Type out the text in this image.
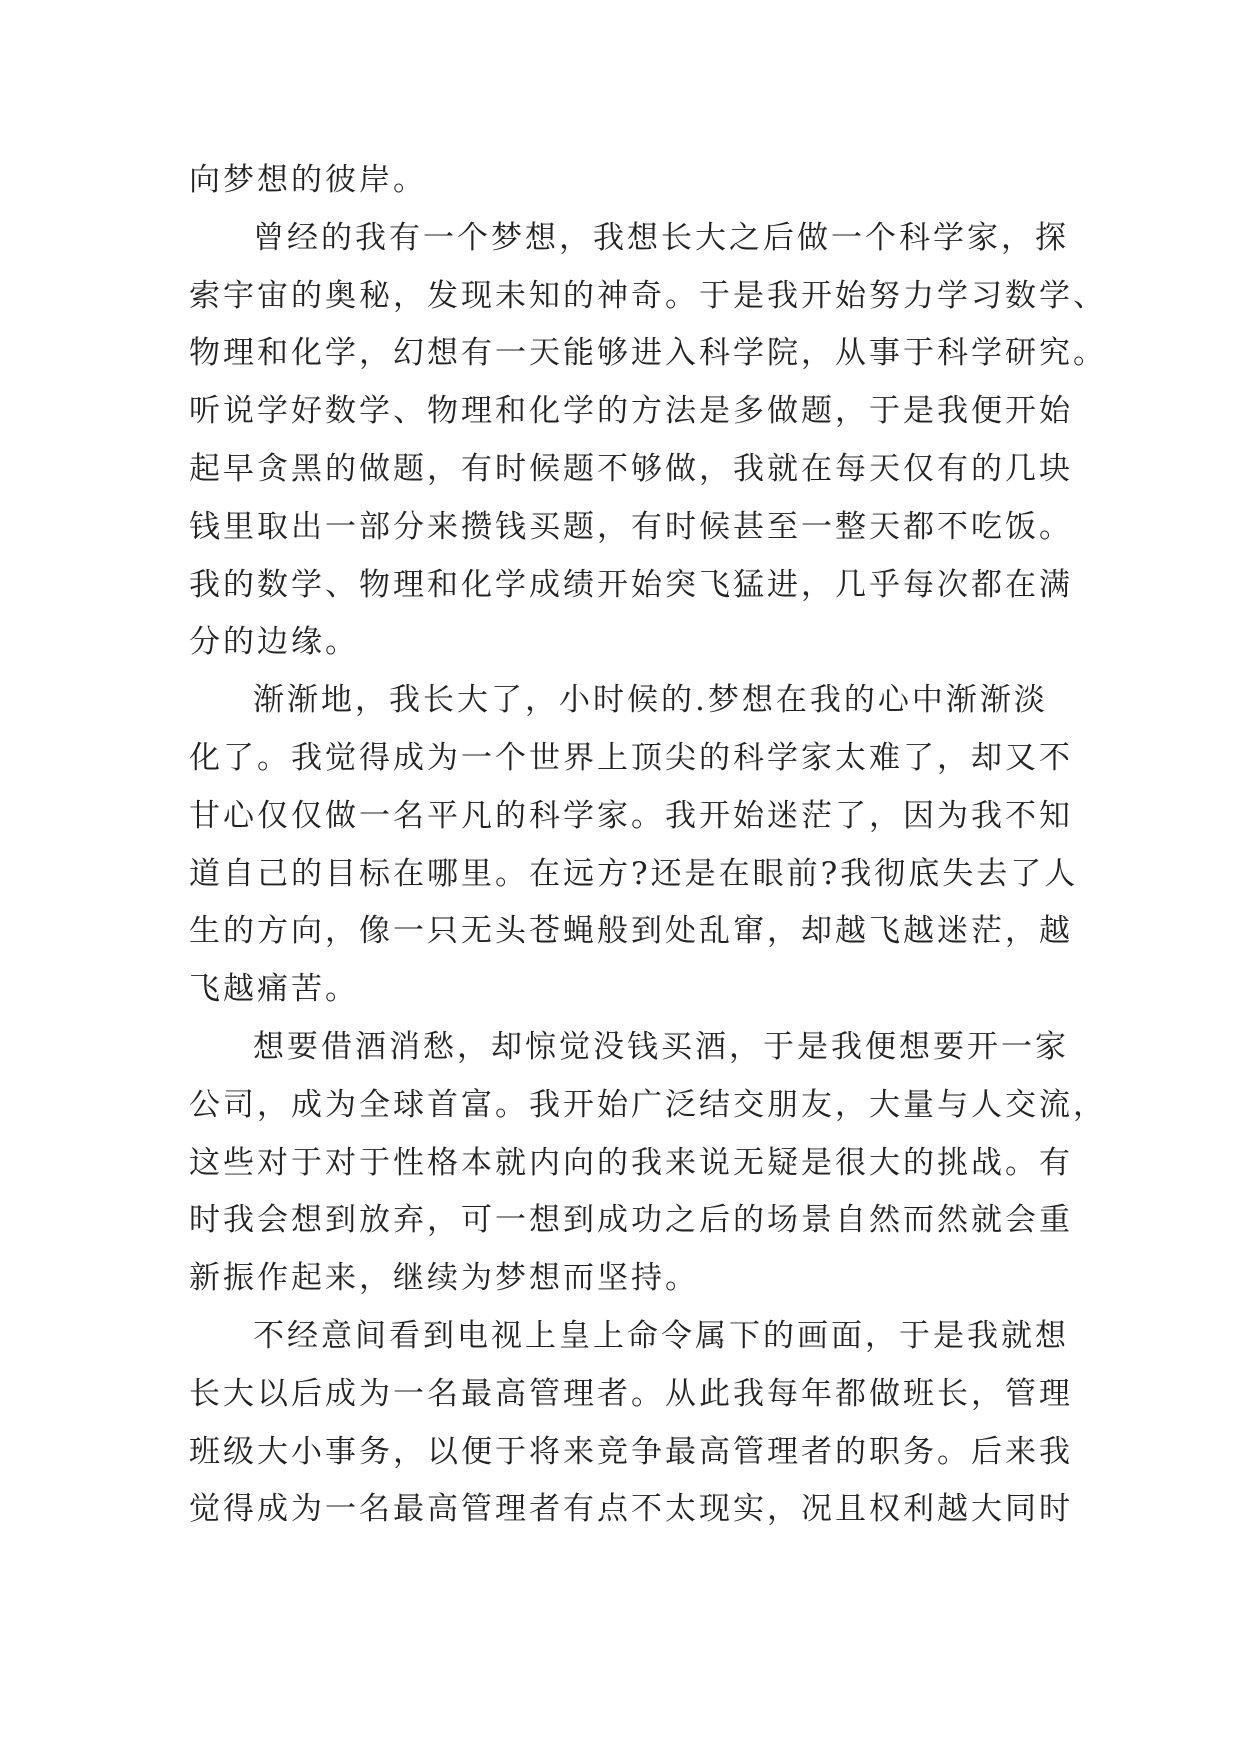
向梦想的彼岸。
曾经的我有一个梦想，我想长大之后做一个科学家，探
索宇宙的奥秘，发现未知的神奇。于是我开始努力学习数学、
物理和化学，幻想有一天能够进入科学院，从事于科学研究。
听说学好数学、物理和化学的方法是多做题，于是我便开始
起早贪黑的做题，有时候题不够做，我就在每天仅有的几块
钱里取出一部分来攒钱买题，有时候甚至一整天都不吃饭。
我的数学、物理和化学成绩开始突飞猛进，几乎每次都在满
分的边缘。
渐渐地，我长大了，小时候的.梦想在我的心中渐渐淡
化了。我觉得成为一个世界上顶尖的科学家太难了，却又不
甘心仅仅做一名平凡的科学家。我开始迷茫了，因为我不知
道自己的目标在哪里。在远方?还是在眼前?我彻底失去了人
生的方向，像一只无头苍蝇般到处乱窜，却越飞越迷茫，越
飞越痛苦。
想要借酒消愁，却惊觉没钱买酒，于是我便想要开一家
公司，成为全球首富。我开始广泛结交朋友，大量与人交流，
这些对于对于性格本就内向的我来说无疑是很大的挑战。有
时我会想到放弃，可一想到成功之后的场景自然而然就会重
新振作起来，继续为梦想而坚持。
不经意间看到电视上皇上命令属下的画面，于是我就想
长大以后成为一名最高管理者。从此我每年都做班长，管理
班级大小事务，以便于将来竞争最高管理者的职务。后来我
觉得成为一名最高管理者有点不太现实，况且权利越大同时
